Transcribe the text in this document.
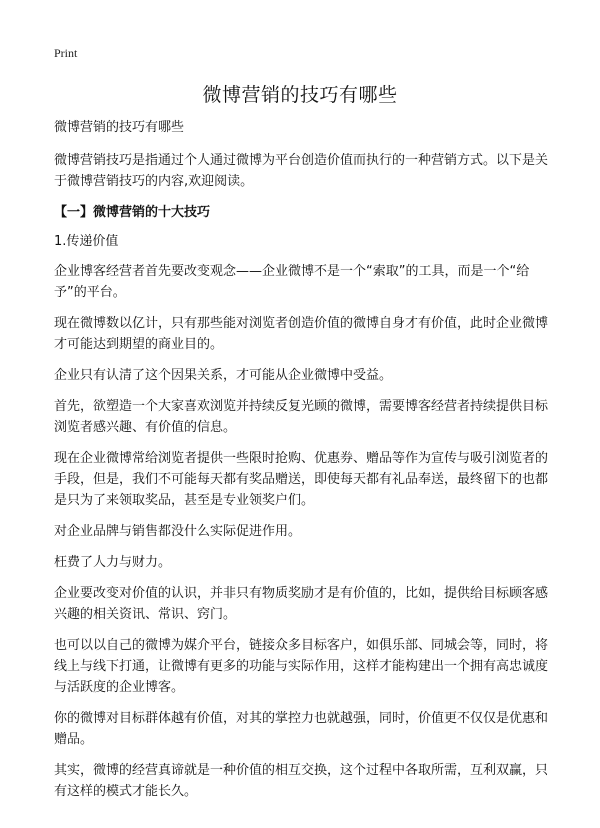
Print
微博营销的技巧有哪些

微博营销的技巧有哪些

微博营销技巧是指通过个人通过微博为平台创造价值而执行的一种营销方式。以下是关于微博营销技巧的内容,欢迎阅读。

【一】微博营销的十大技巧

1.传递价值

企业博客经营者首先要改变观念——企业微博不是一个“索取”的工具，而是一个“给予”的平台。

现在微博数以亿计，只有那些能对浏览者创造价值的微博自身才有价值，此时企业微博才可能达到期望的商业目的。

企业只有认清了这个因果关系，才可能从企业微博中受益。

首先，欲塑造一个大家喜欢浏览并持续反复光顾的微博，需要博客经营者持续提供目标浏览者感兴趣、有价值的信息。

现在企业微博常给浏览者提供一些限时抢购、优惠券、赠品等作为宣传与吸引浏览者的手段，但是，我们不可能每天都有奖品赠送，即使每天都有礼品奉送，最终留下的也都是只为了来领取奖品，甚至是专业领奖户们。

对企业品牌与销售都没什么实际促进作用。

枉费了人力与财力。

企业要改变对价值的认识，并非只有物质奖励才是有价值的，比如，提供给目标顾客感兴趣的相关资讯、常识、窍门。

也可以以自己的微博为媒介平台，链接众多目标客户，如俱乐部、同城会等，同时，将线上与线下打通，让微博有更多的功能与实际作用，这样才能构建出一个拥有高忠诚度与活跃度的企业博客。

你的微博对目标群体越有价值，对其的掌控力也就越强，同时，价值更不仅仅是优惠和赠品。

其实，微博的经营真谛就是一种价值的相互交换，这个过程中各取所需，互利双赢，只有这样的模式才能长久。
